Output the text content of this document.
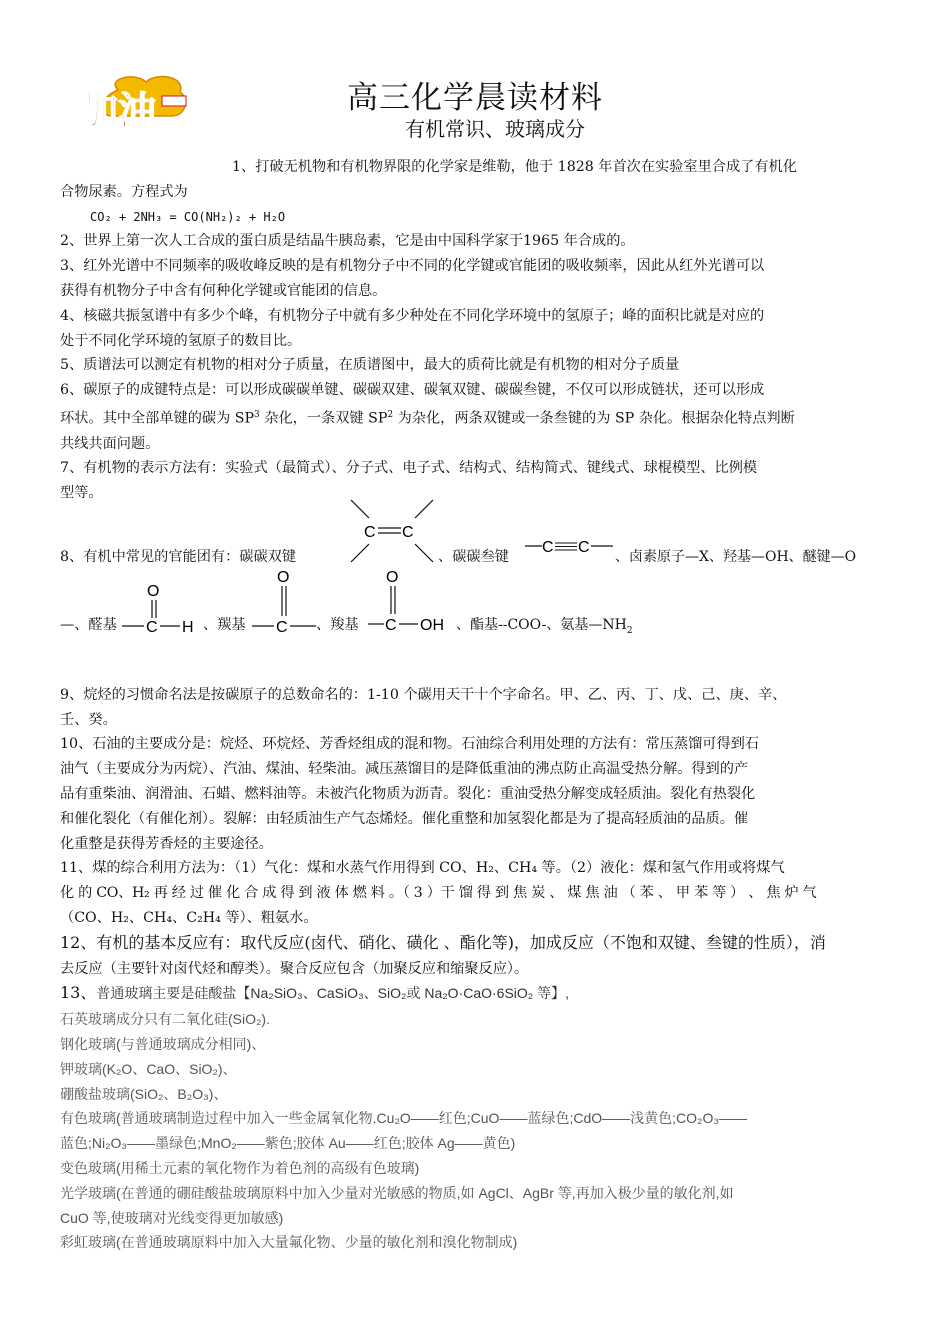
加油	高三化学晨读材料
有机常识、玻璃成分

1、打破无机物和有机物界限的化学家是维勒，他于 1828 年首次在实验室里合成了有机化

合物尿素。方程式为

CO₂ + 2NH₃ = CO(NH₂)₂ + H₂O

2、世界上第一次人工合成的蛋白质是结晶牛胰岛素，它是由中国科学家于1965 年合成的。

3、红外光谱中不同频率的吸收峰反映的是有机物分子中不同的化学键或官能团的吸收频率，因此从红外光谱可以

获得有机物分子中含有何种化学键或官能团的信息。

4、核磁共振氢谱中有多少个峰，有机物分子中就有多少种处在不同化学环境中的氢原子；峰的面积比就是对应的

处于不同化学环境的氢原子的数目比。

5、质谱法可以测定有机物的相对分子质量，在质谱图中，最大的质荷比就是有机物的相对分子质量

6、碳原子的成键特点是：可以形成碳碳单键、碳碳双建、碳氧双键、碳碳叁键，不仅可以形成链状，还可以形成

环状。其中全部单键的碳为 $SP^3$ 杂化，一条双键 $SP^2$ 为杂化，两条双键或一条叁键的为 SP 杂化。根据杂化特点判断

共线共面问题。

7、有机物的表示方法有：实验式（最简式）、分子式、电子式、结构式、结构简式、键线式、球棍模型、比例模

型等。

8、有机中常见的官能团有：碳碳双键
C C
、碳碳叁键
C C
、卤素原子—X、羟基—OH、醚键—O
—、醛基
O
C H 、羰基
O
C 、羧基
O
C OH 、酯基--COO-、氨基$—NH_2$

9、烷烃的习惯命名法是按碳原子的总数命名的：1-10 个碳用天干十个字命名。甲、乙、丙、丁、戊、己、庚、辛、

壬、癸。

10、石油的主要成分是：烷烃、环烷烃、芳香烃组成的混和物。石油综合利用处理的方法有：常压蒸馏可得到石

油气（主要成分为丙烷）、汽油、煤油、轻柴油。减压蒸馏目的是降低重油的沸点防止高温受热分解。得到的产

品有重柴油、润滑油、石蜡、燃料油等。未被汽化物质为沥青。裂化：重油受热分解变成轻质油。裂化有热裂化

和催化裂化（有催化剂）。裂解：由轻质油生产气态烯烃。催化重整和加氢裂化都是为了提高轻质油的品质。催

化重整是获得芳香烃的主要途径。

11、煤的综合利用方法为：（1）气化：煤和水蒸气作用得到 CO、H₂、CH₄ 等。（2）液化：煤和氢气作用或将煤气

化 的 CO、H₂ 再 经 过 催 化 合 成 得 到 液 体 燃 料 。（ 3 ）干 馏 得 到 焦 炭 、 煤 焦 油 （ 苯 、 甲 苯 等 ） 、 焦 炉 气

（CO、H₂、CH₄、C₂H₄ 等）、粗氨水。

12、有机的基本反应有：取代反应(卤代、硝化、磺化 、酯化等)，加成反应（不饱和双键、叁键的性质），消

去反应（主要针对卤代烃和醇类）。聚合反应包含（加聚反应和缩聚反应）。

13、普通玻璃主要是硅酸盐【Na₂SiO₃、CaSiO₃、SiO₂或 Na₂O·CaO·6SiO₂ 等】,

石英玻璃成分只有二氧化硅(SiO₂).

钢化玻璃(与普通玻璃成分相同)、

钾玻璃(K₂O、CaO、SiO₂)、

硼酸盐玻璃(SiO₂、B₂O₃)、

有色玻璃(普通玻璃制造过程中加入一些金属氧化物.Cu₂O——红色;CuO——蓝绿色;CdO——浅黄色;CO₂O₃——

蓝色;Ni₂O₃——墨绿色;MnO₂——紫色;胶体 Au——红色;胶体 Ag——黄色)

变色玻璃(用稀土元素的氧化物作为着色剂的高级有色玻璃)

光学玻璃(在普通的硼硅酸盐玻璃原料中加入少量对光敏感的物质,如 AgCl、AgBr 等,再加入极少量的敏化剂,如

CuO 等,使玻璃对光线变得更加敏感)

彩虹玻璃(在普通玻璃原料中加入大量氟化物、少量的敏化剂和溴化物制成)
